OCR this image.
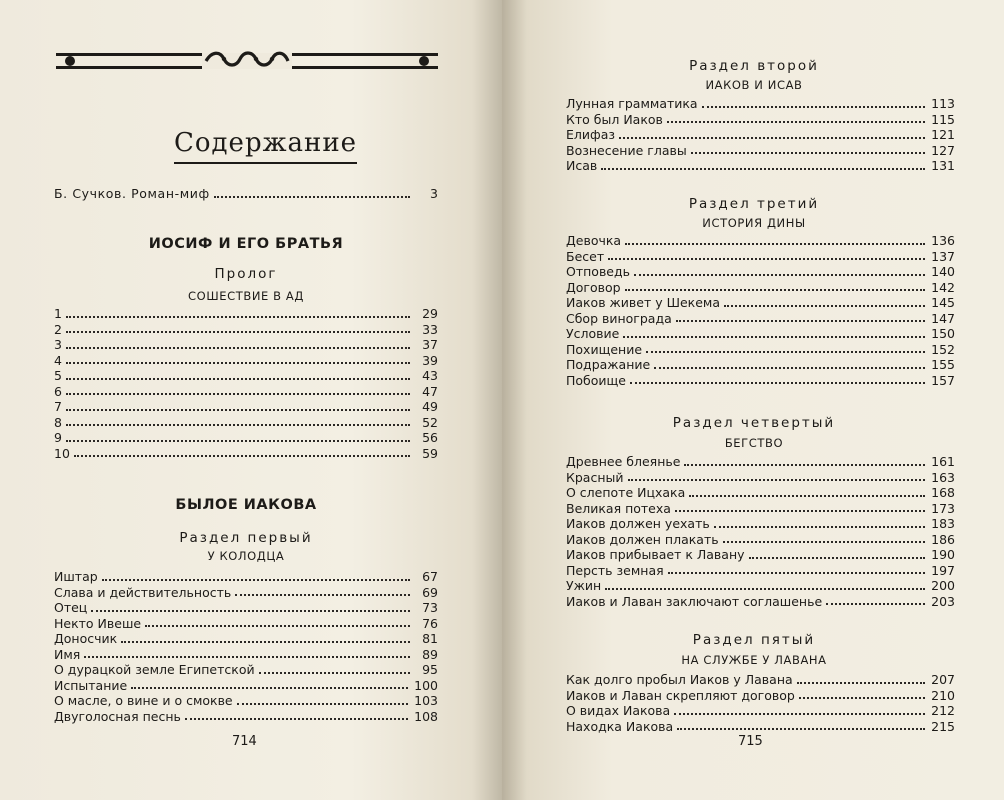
Содержание
Б. Сучков. Роман-миф	3
ИОСИФ И ЕГО БРАТЬЯ
Пролог
СОШЕСТВИЕ В АД
1	29
2	33
3	37
4	39
5	43
6	47
7	49
8	52
9	56
10	59
БЫЛОЕ ИАКОВА
Раздел первый
У КОЛОДЦА
Иштар	67
Слава и действительность	69
Отец	73
Некто Ивеше	76
Доносчик	81
Имя	89
О дурацкой земле Египетской	95
Испытание	100
О масле, о вине и о смокве	103
Двуголосная песнь	108
714
Раздел второй
ИАКОВ И ИСАВ
Лунная грамматика	113
Кто был Иаков	115
Елифаз	121
Вознесение главы	127
Исав	131
Раздел третий
ИСТОРИЯ ДИНЫ
Девочка	136
Бесет	137
Отповедь	140
Договор	142
Иаков живет у Шекема	145
Сбор винограда	147
Условие	150
Похищение	152
Подражание	155
Побоище	157
Раздел четвертый
БЕГСТВО
Древнее блеянье	161
Красный	163
О слепоте Ицхака	168
Великая потеха	173
Иаков должен уехать	183
Иаков должен плакать	186
Иаков прибывает к Лавану	190
Персть земная	197
Ужин	200
Иаков и Лаван заключают соглашенье	203
Раздел пятый
НА СЛУЖБЕ У ЛАВАНА
Как долго пробыл Иаков у Лавана	207
Иаков и Лаван скрепляют договор	210
О видах Иакова	212
Находка Иакова	215
715
